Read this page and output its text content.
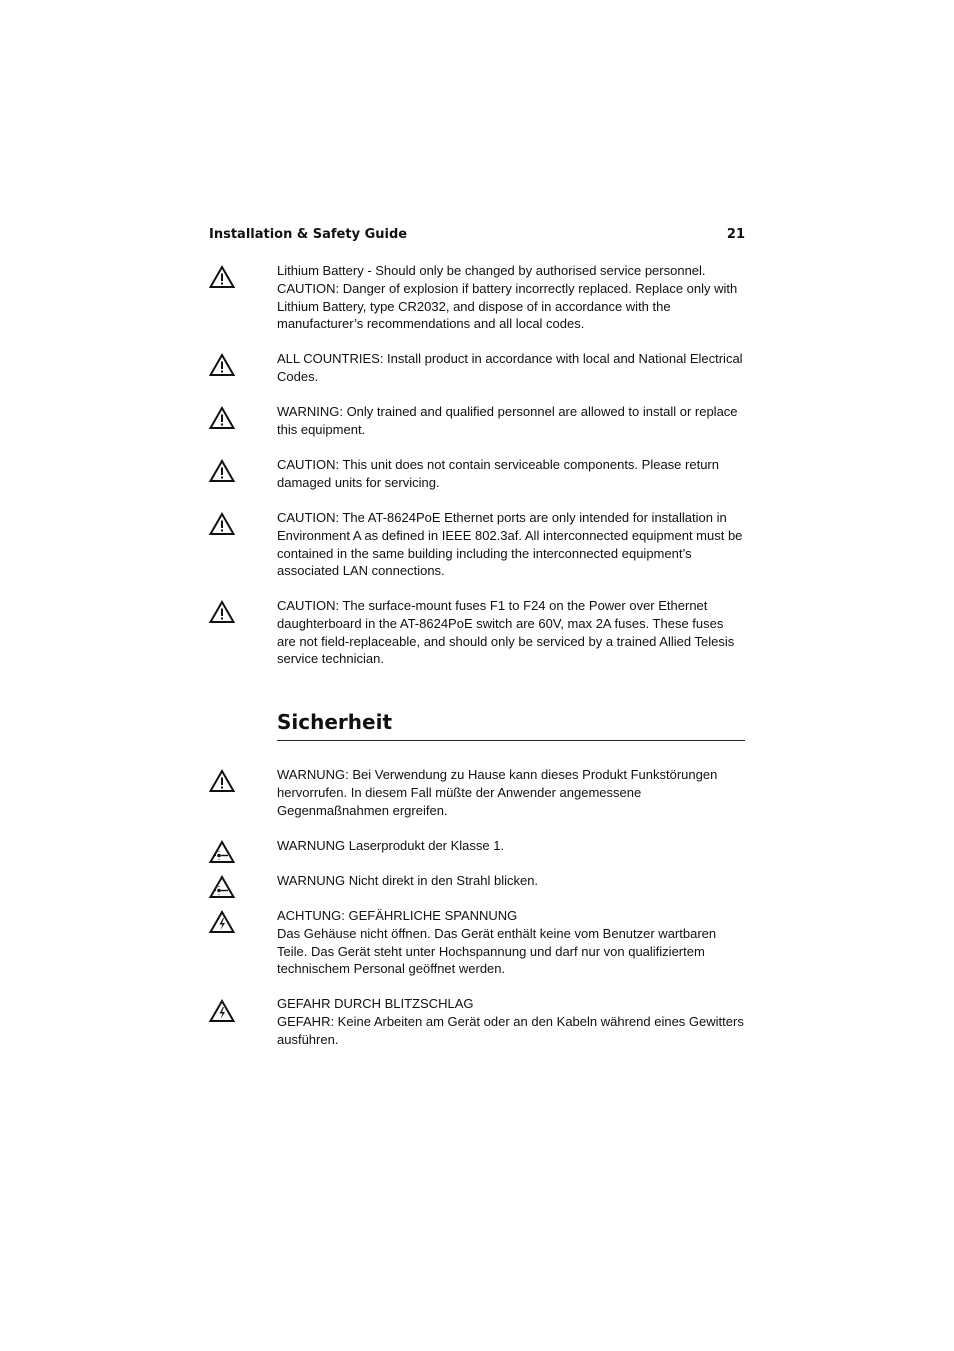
Installation & Safety Guide	21

Lithium Battery - Should only be changed by authorised service personnel.

CAUTION: Danger of explosion if battery incorrectly replaced. Replace only with Lithium Battery, type CR2032, and dispose of in accordance with the manufacturer’s recommendations and all local codes.

ALL COUNTRIES: Install product in accordance with local and National Electrical Codes.

WARNING: Only trained and qualified personnel are allowed to install or replace this equipment.

CAUTION: This unit does not contain serviceable components. Please return damaged units for servicing.

CAUTION: The AT-8624PoE Ethernet ports are only intended for installation in Environment A as defined in IEEE 802.3af. All interconnected equipment must be contained in the same building including the interconnected equipment’s associated LAN connections.

CAUTION: The surface-mount fuses F1 to F24 on the Power over Ethernet daughterboard in the AT-8624PoE switch are 60V, max 2A fuses. These fuses are not field-replaceable, and should only be serviced by a trained Allied Telesis service technician.

Sicherheit

WARNUNG: Bei Verwendung zu Hause kann dieses Produkt Funkstörungen hervorrufen. In diesem Fall müßte der Anwender angemessene Gegenmaßnahmen ergreifen.

WARNUNG Laserprodukt der Klasse 1.

WARNUNG Nicht direkt in den Strahl blicken.

ACHTUNG: GEFÄHRLICHE SPANNUNG

Das Gehäuse nicht öffnen. Das Gerät enthält keine vom Benutzer wartbaren Teile. Das Gerät steht unter Hochspannung und darf nur von qualifiziertem technischem Personal geöffnet werden.

GEFAHR DURCH BLITZSCHLAG

GEFAHR: Keine Arbeiten am Gerät oder an den Kabeln während eines Gewitters ausführen.
